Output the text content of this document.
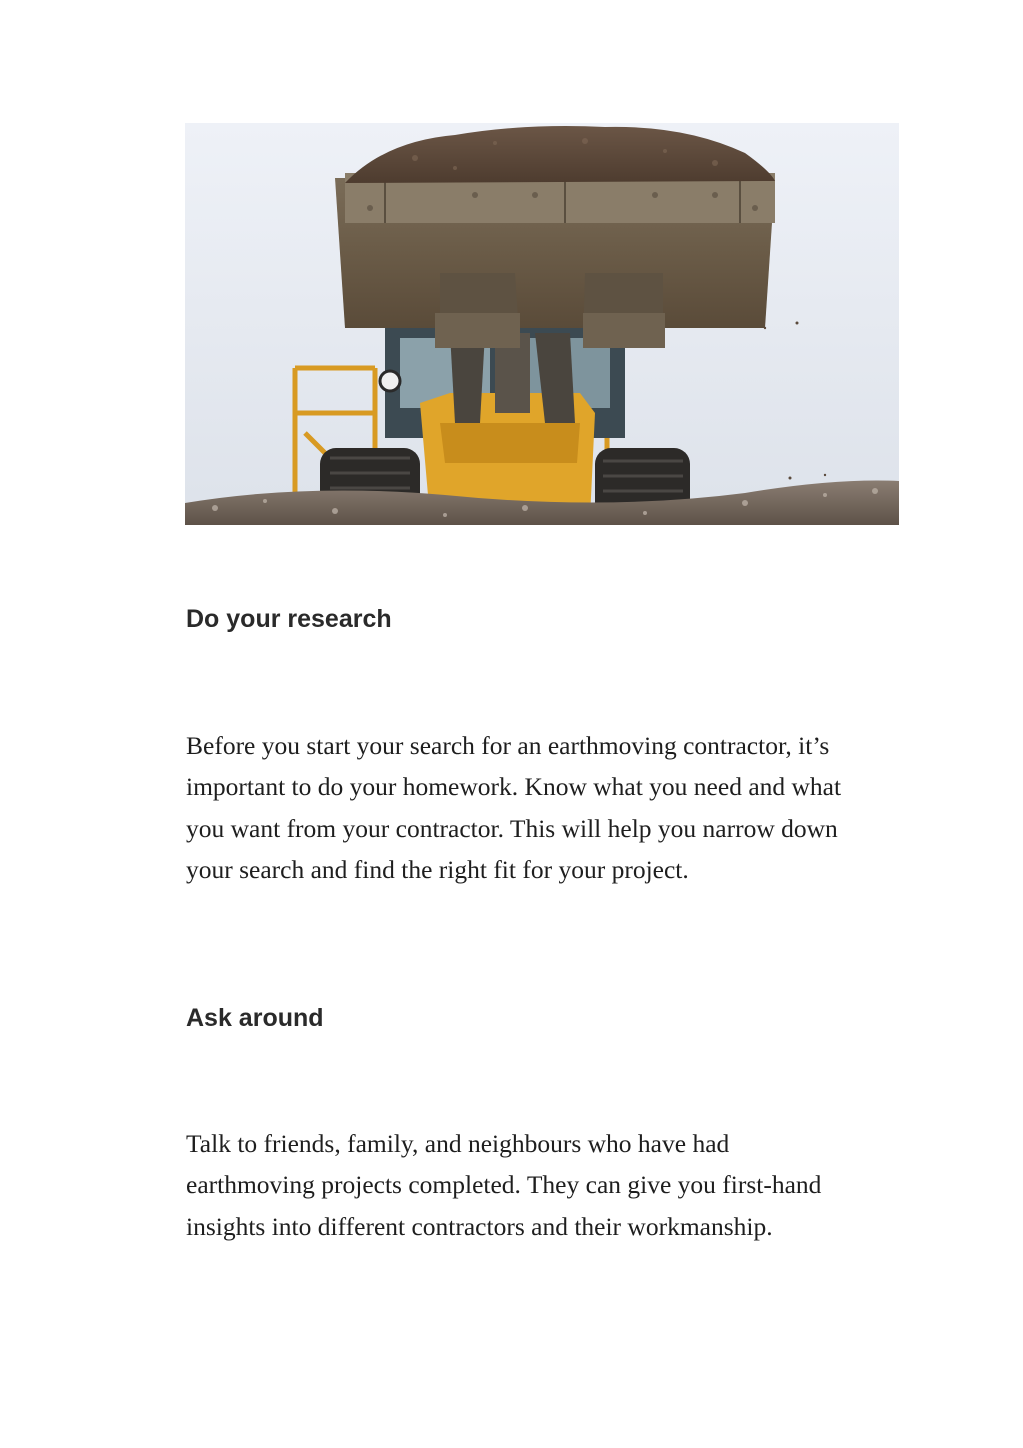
Do your research

Before you start your search for an earthmoving contractor, it’s important to do your homework. Know what you need and what you want from your contractor. This will help you narrow down your search and find the right fit for your project.

Ask around

Talk to friends, family, and neighbours who have had earthmoving projects completed. They can give you first-hand insights into different contractors and their workmanship.
